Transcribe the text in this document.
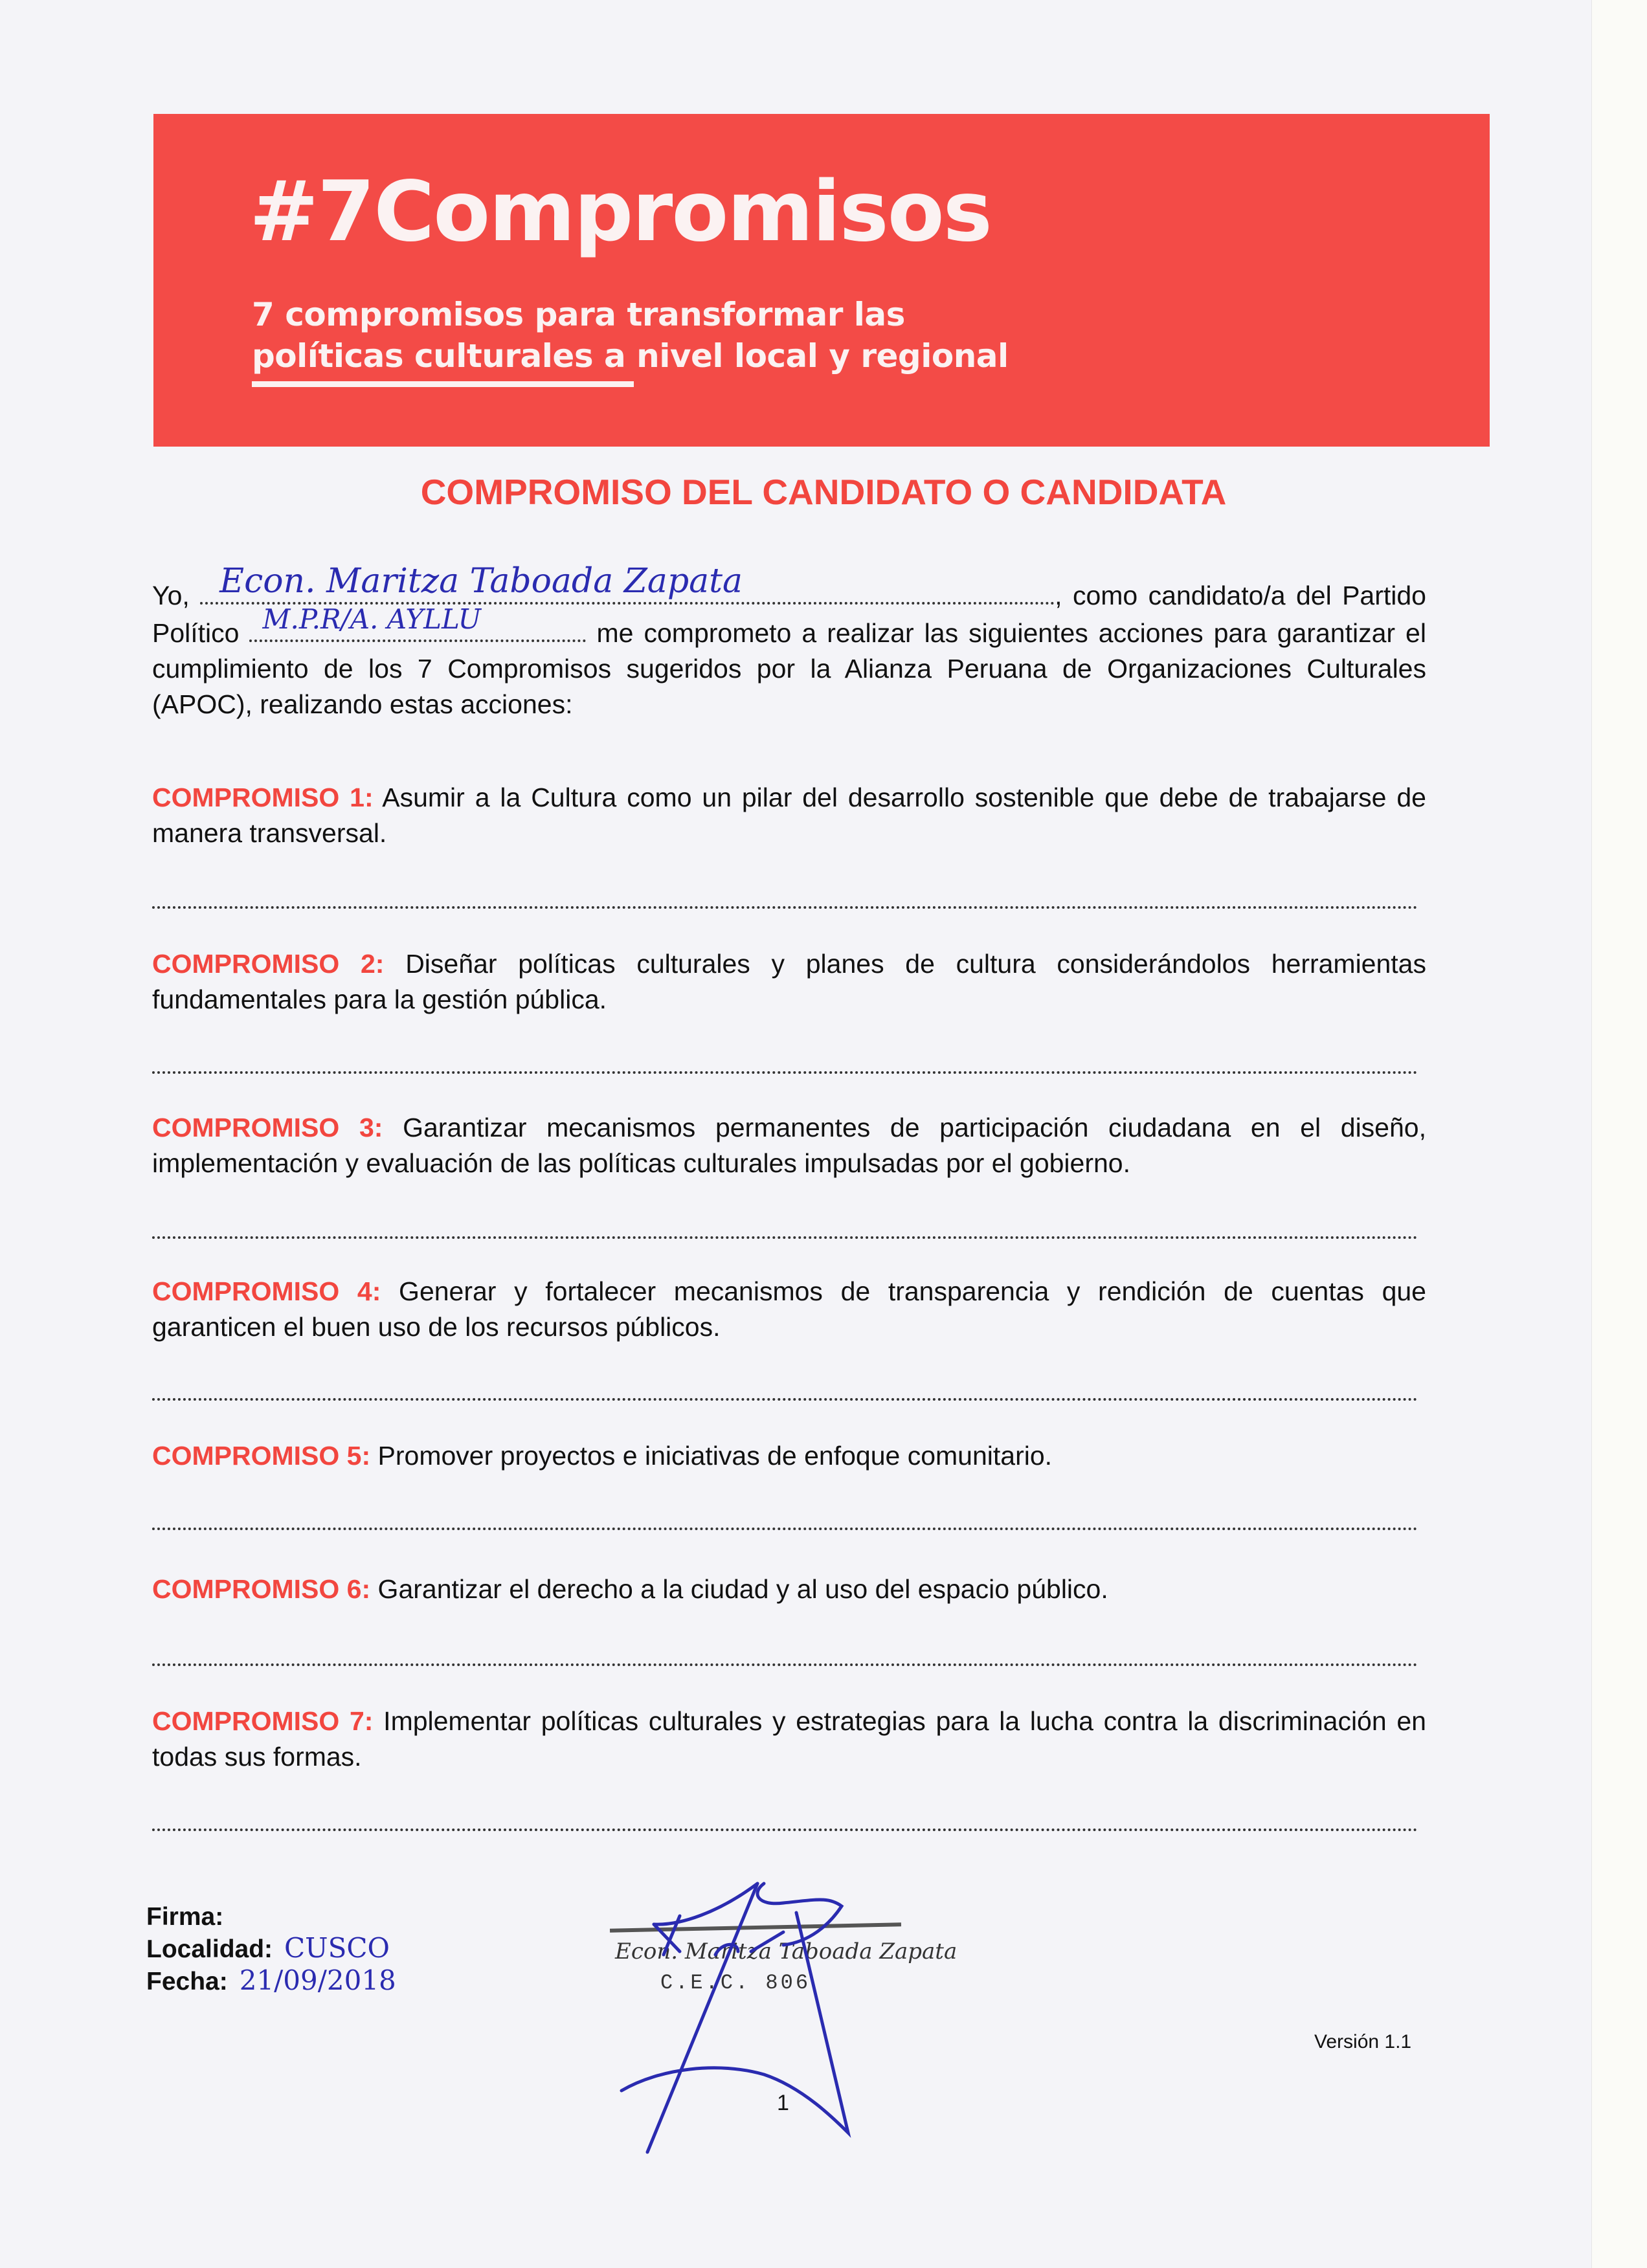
#7Compromisos
7 compromisos para transformar las
políticas culturales a nivel local y regional
COMPROMISO DEL CANDIDATO O CANDIDATA
Yo, Econ. Maritza Taboada Zapata	, como candidato/a del Partido Político M.P.R/A. AYLLU	me comprometo a realizar las siguientes acciones para garantizar el cumplimiento de los 7 Compromisos sugeridos por la Alianza Peruana de Organizaciones Culturales (APOC), realizando estas acciones:
COMPROMISO 1: Asumir a la Cultura como un pilar del desarrollo sostenible que debe de trabajarse de manera transversal.
COMPROMISO 2: Diseñar políticas culturales y planes de cultura considerándolos herramientas fundamentales para la gestión pública.
COMPROMISO 3: Garantizar mecanismos permanentes de participación ciudadana en el diseño, implementación y evaluación de las políticas culturales impulsadas por el gobierno.
COMPROMISO 4: Generar y fortalecer mecanismos de transparencia y rendición de cuentas que garanticen el buen uso de los recursos públicos.
COMPROMISO 5: Promover proyectos e iniciativas de enfoque comunitario.
COMPROMISO 6: Garantizar el derecho a la ciudad y al uso del espacio público.
COMPROMISO 7: Implementar políticas culturales y estrategias para la lucha contra la discriminación en todas sus formas.
Firma:
Localidad: CUSCO
Fecha: 21/09/2018
Econ. Maritza Taboada Zapata
C.E.C. 806
Versión 1.1
1
